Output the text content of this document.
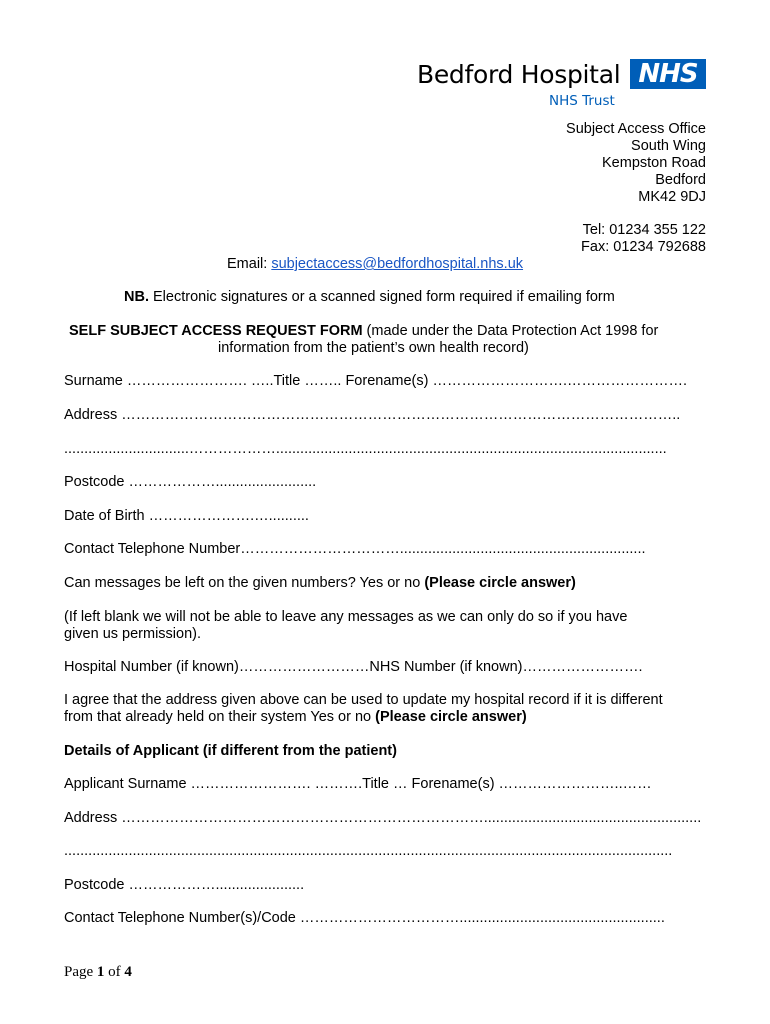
Bedford Hospital NHS
NHS Trust
Subject Access Office
South Wing
Kempston Road
Bedford
MK42 9DJ
Tel: 01234 355 122
Fax: 01234 792688
Email: subjectaccess@bedfordhospital.nhs.uk
NB. Electronic signatures or a scanned signed form required if emailing form
SELF SUBJECT ACCESS REQUEST FORM (made under the Data Protection Act 1998 for
information from the patient’s own health record)
Surname ……………………. …..Title …….. Forename(s) ……………………….…………………….
Address ……………………………………………………………………………………………………..
...............................……………….................................................................................................
Postcode ……………….........................
Date of Birth ………………….…..........
Contact Telephone Number…………………………….............................................................
Can messages be left on the given numbers? Yes or no (Please circle answer)
(If left blank we will not be able to leave any messages as we can only do so if you have
given us permission).
Hospital Number (if known)………………………NHS Number (if known)…………………….
I agree that the address given above can be used to update my hospital record if it is different
from that already held on their system Yes or no (Please circle answer)
Details of Applicant (if different from the patient)
Applicant Surname ……………………. ……….Title … Forename(s) ……………………..……
Address …………………………………………………………………......................................................
.......................................................................................................................................................
Postcode ………………......................
Contact Telephone Number(s)/Code ……………………………...................................................
Page 1 of 4
